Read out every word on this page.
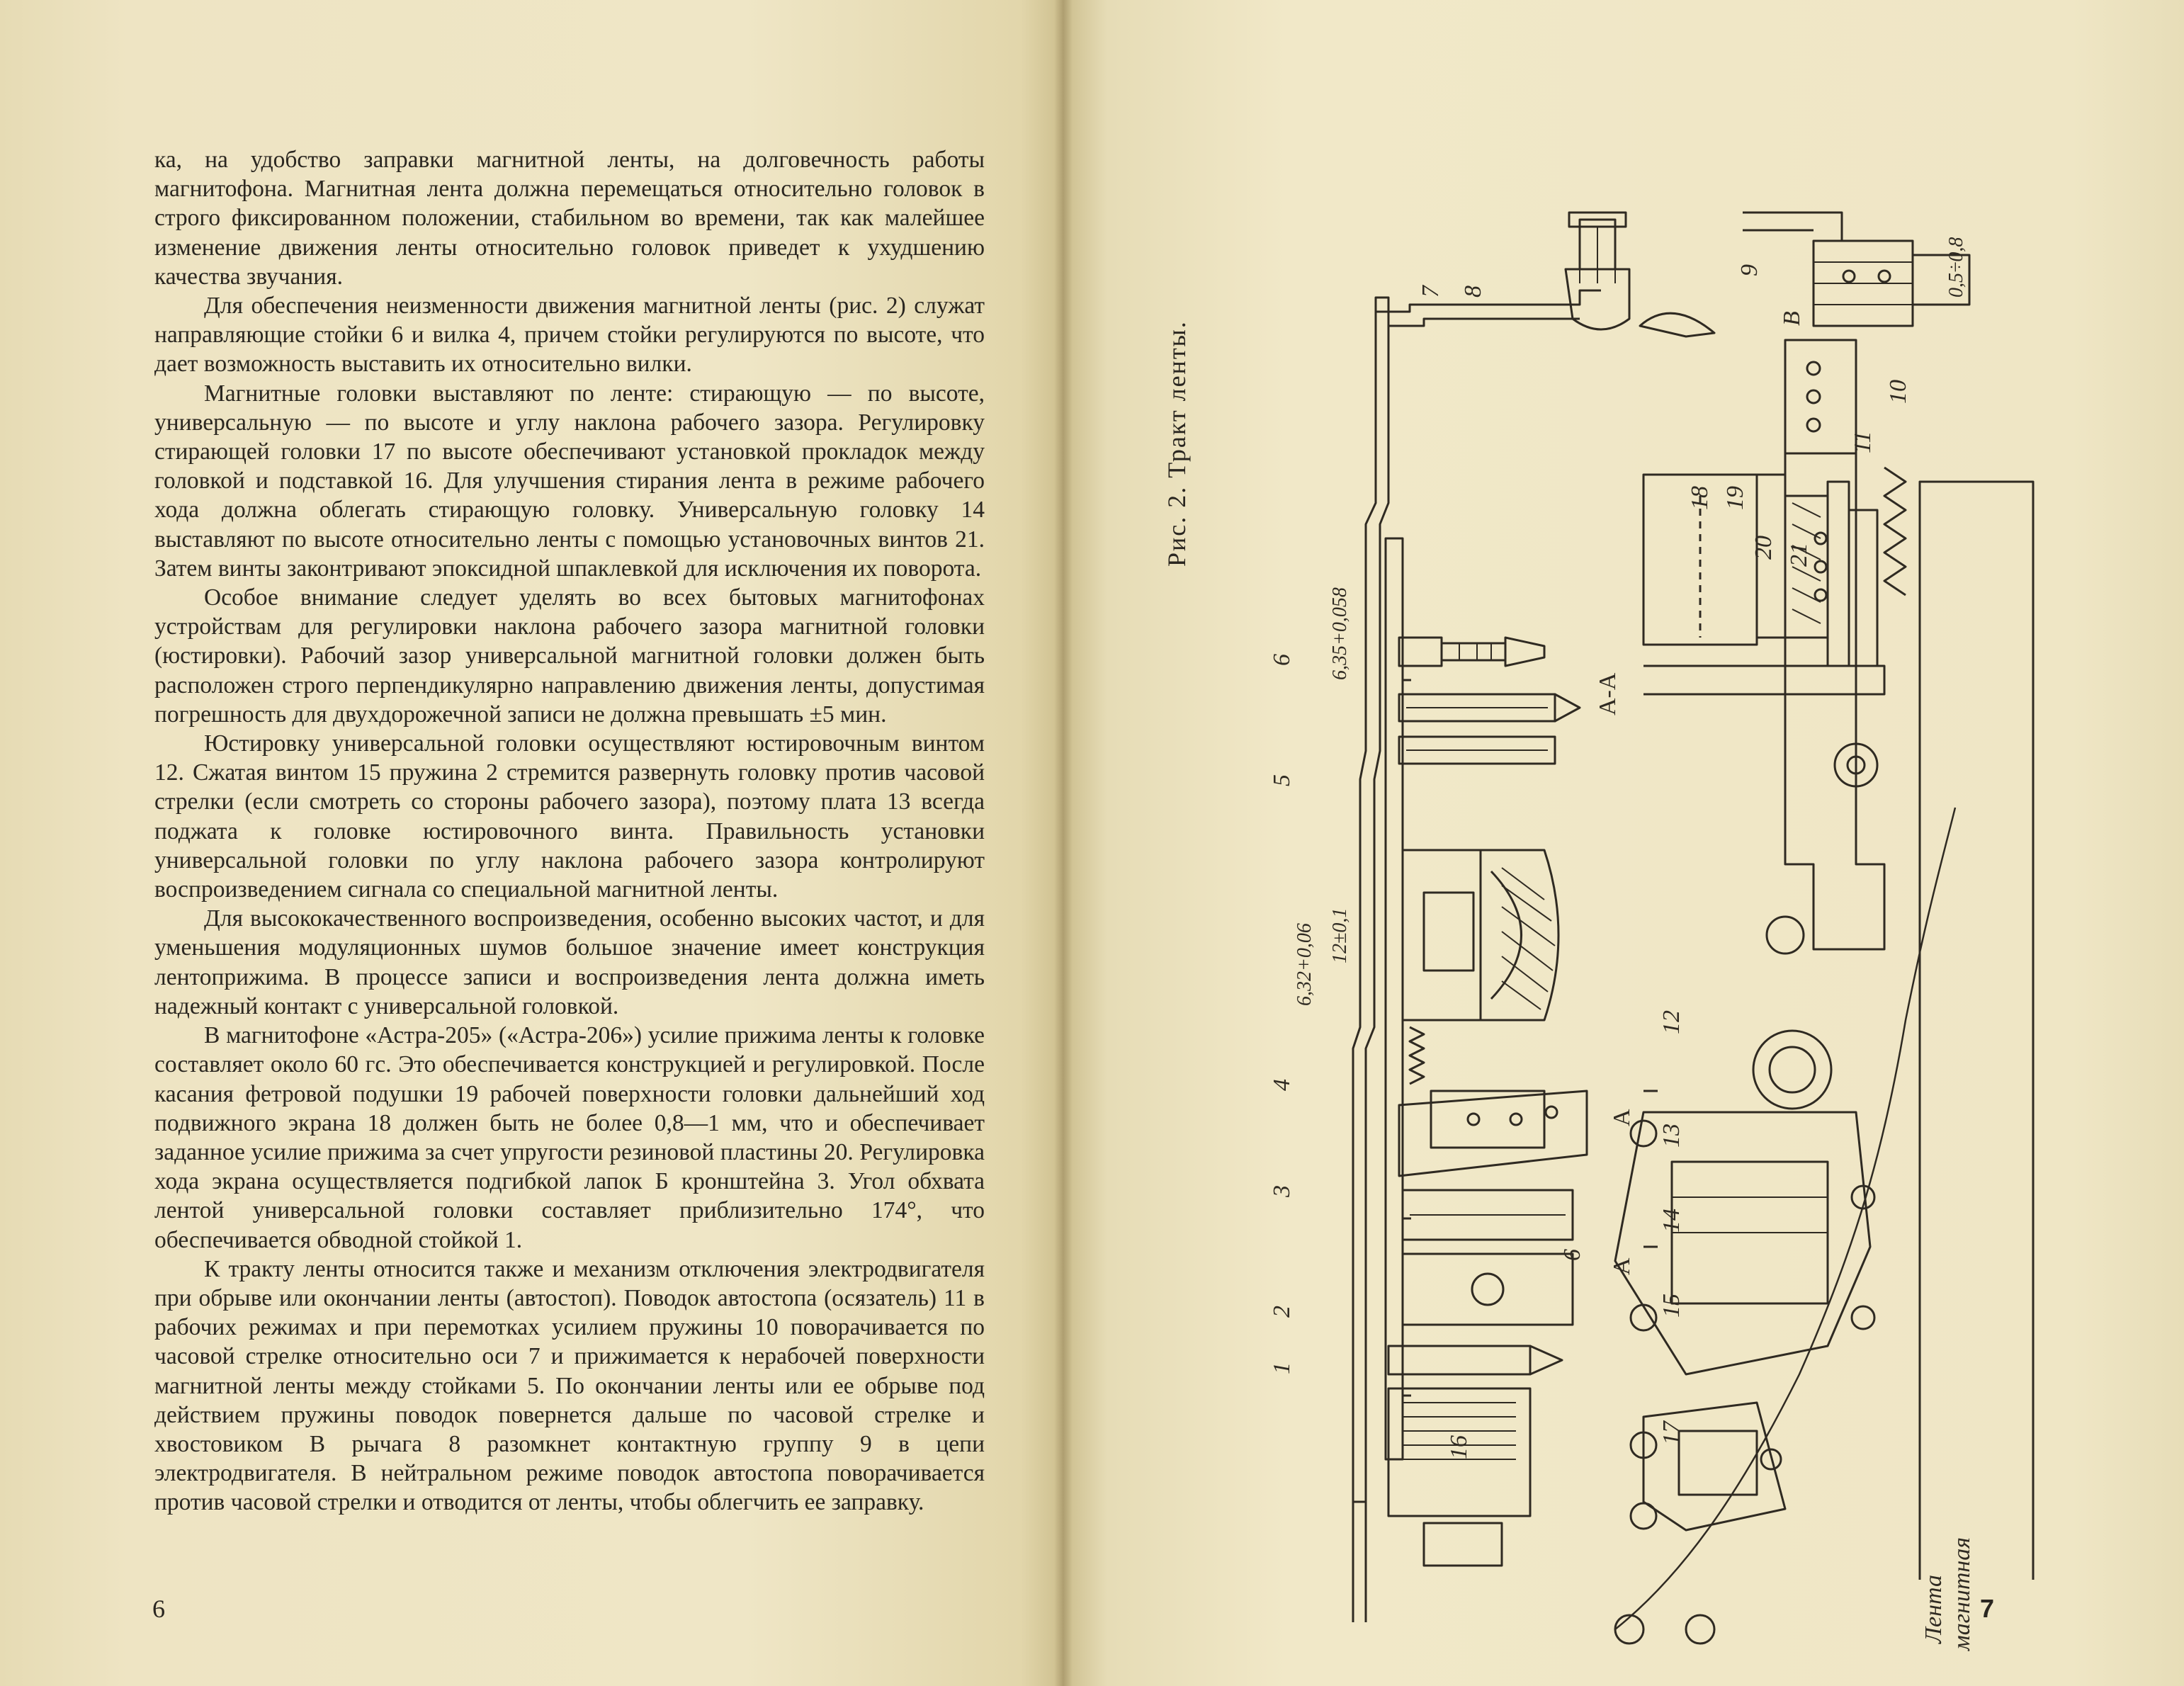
ка, на удобство заправки магнитной ленты, на долговечность работы магнитофона. Магнитная лента должна перемещаться относительно головок в строго фиксированном положении, стабильном во времени, так как малейшее изменение движения ленты относительно головок приведет к ухудшению качества звучания.

Для обеспечения неизменности движения магнитной ленты (рис. 2) служат направляющие стойки 6 и вилка 4, причем стойки регулируются по высоте, что дает возможность выставить их относительно вилки.

Магнитные головки выставляют по ленте: стирающую — по высоте, универсальную — по высоте и углу наклона рабочего зазора. Регулировку стирающей головки 17 по высоте обеспечивают установкой прокладок между головкой и подставкой 16. Для улучшения стирания лента в режиме рабочего хода должна облегать стирающую головку. Универсальную головку 14 выставляют по высоте относительно ленты с помощью установочных винтов 21. Затем винты законтривают эпоксидной шпаклевкой для исключения их поворота.

Особое внимание следует уделять во всех бытовых магнитофонах устройствам для регулировки наклона рабочего зазора магнитной головки (юстировки). Рабочий зазор универсальной магнитной головки должен быть расположен строго перпендикулярно направлению движения ленты, допустимая погрешность для двухдорожечной записи не должна превышать ±5 мин.

Юстировку универсальной головки осуществляют юстировочным винтом 12. Сжатая винтом 15 пружина 2 стремится развернуть головку против часовой стрелки (если смотреть со стороны рабочего зазора), поэтому плата 13 всегда поджата к головке юстировочного винта. Правильность установки универсальной головки по углу наклона рабочего зазора контролируют воспроизведением сигнала со специальной магнитной ленты.

Для высококачественного воспроизведения, особенно высоких частот, и для уменьшения модуляционных шумов большое значение имеет конструкция лентоприжима. В процессе записи и воспроизведения лента должна иметь надежный контакт с универсальной головкой.

В магнитофоне «Астра-205» («Астра-206») усилие прижима ленты к головке составляет около 60 гс. Это обеспечивается конструкцией и регулировкой. После касания фетровой подушки 19 рабочей поверхности головки дальнейший ход подвижного экрана 18 должен быть не более 0,8—1 мм, что и обеспечивает заданное усилие прижима за счет упругости резиновой пластины 20. Регулировка хода экрана осуществляется подгибкой лапок Б кронштейна 3. Угол обхвата лентой универсальной головки составляет приблизительно 174°, что обеспечивается обводной стойкой 1.

К тракту ленты относится также и механизм отключения электродвигателя при обрыве или окончании ленты (автостоп). Поводок автостопа (осязатель) 11 в рабочих режимах и при перемотках усилием пружины 10 поворачивается по часовой стрелке относительно оси 7 и прижимается к нерабочей поверхности магнитной ленты между стойками 5. По окончании ленты или ее обрыве под действием пружины поводок повернется дальше по часовой стрелке и хвостовиком В рычага 8 разомкнет контактную группу 9 в цепи электродвигателя. В нейтральном режиме поводок автостопа поворачивается против часовой стрелки и отводится от ленты, чтобы облегчить ее заправку.

6
Рис. 2. Тракт ленты.
1
2
3
4
5
6
7 8
6
9
В
10
11
12
13
14
15
17
16
18 19
20 21
А-А
А
А
6,35+0,058
12±0,1
6,32+0,06
0,5÷0,8
Лента магнитная 7
